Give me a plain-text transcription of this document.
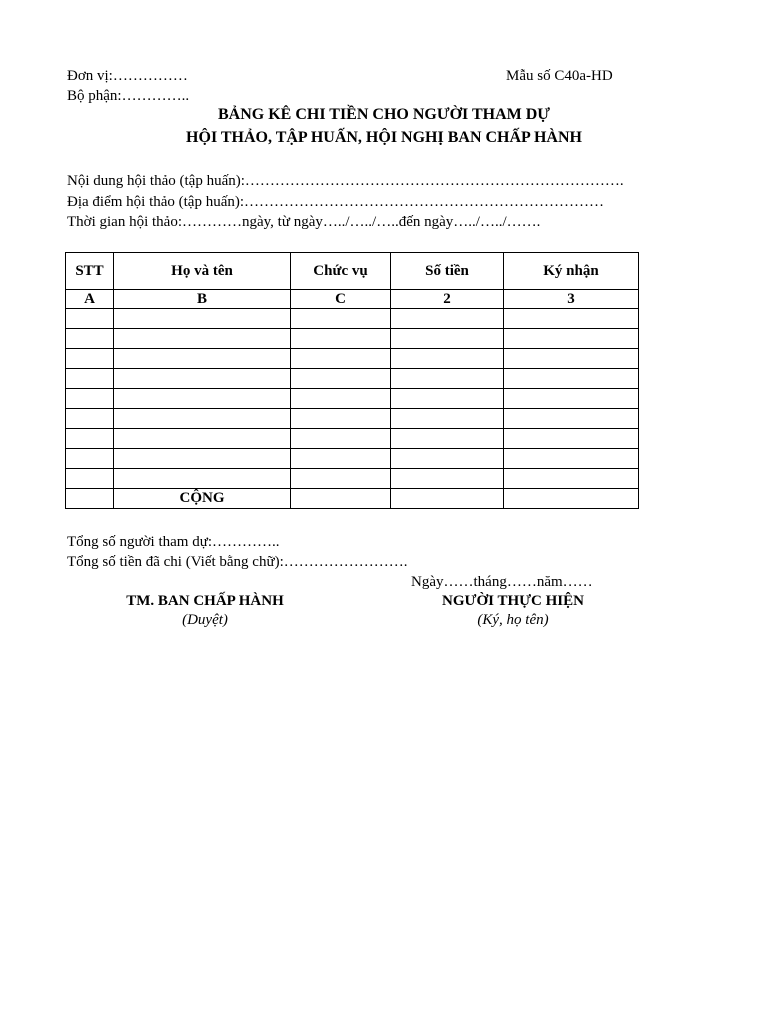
Đơn vị:……………	Mẫu số C40a-HD
Bộ phận:…………..
BẢNG KÊ CHI TIỀN CHO NGƯỜI THAM DỰ
HỘI THẢO, TẬP HUẤN, HỘI NGHỊ BAN CHẤP HÀNH
Nội dung hội thảo (tập huấn):………………………………………………………………….
Địa điểm hội thảo (tập huấn):………………………………………………………………
Thời gian hội thảo:…………ngày, từ ngày…../…../…..đến ngày…../…../…….
STT	Họ và tên	Chức vụ	Số tiền	Ký nhận
A	B	C	2	3

	CỘNG			
Tổng số người tham dự:…………..
Tổng số tiền đã chi (Viết bằng chữ):…………………….
Ngày……tháng……năm……
TM. BAN CHẤP HÀNH
(Duyệt)
NGƯỜI THỰC HIỆN
(Ký, họ tên)
